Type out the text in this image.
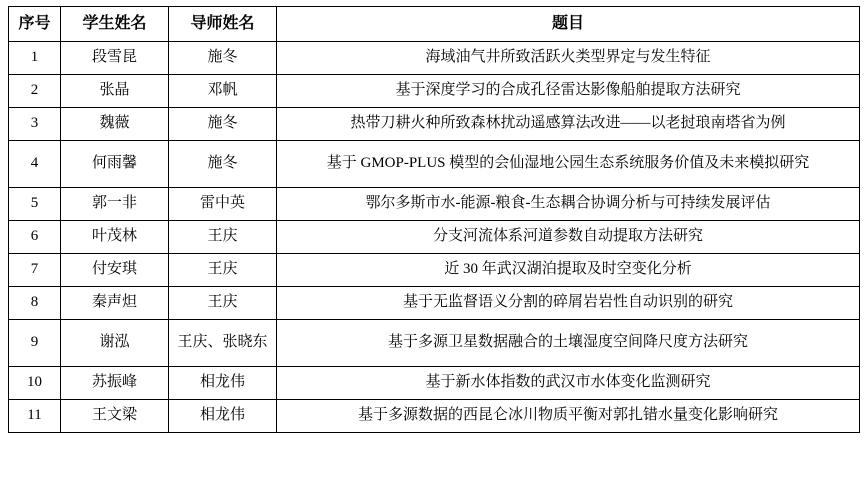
序号	学生姓名	导师姓名	题目
1	段雪昆	施冬	海域油气井所致活跃火类型界定与发生特征
2	张晶	邓帆	基于深度学习的合成孔径雷达影像船舶提取方法研究
3	魏薇	施冬	热带刀耕火种所致森林扰动遥感算法改进——以老挝琅南塔省为例
4	何雨馨	施冬	基于 GMOP-PLUS 模型的会仙湿地公园生态系统服务价值及未来模拟研究
5	郭一非	雷中英	鄂尔多斯市水-能源-粮食-生态耦合协调分析与可持续发展评估
6	叶茂林	王庆	分支河流体系河道参数自动提取方法研究
7	付安琪	王庆	近 30 年武汉湖泊提取及时空变化分析
8	秦声炟	王庆	基于无监督语义分割的碎屑岩岩性自动识别的研究
9	谢泓	王庆、张晓东	基于多源卫星数据融合的土壤湿度空间降尺度方法研究
10	苏振峰	相龙伟	基于新水体指数的武汉市水体变化监测研究
11	王文梁	相龙伟	基于多源数据的西昆仑冰川物质平衡对郭扎错水量变化影响研究
